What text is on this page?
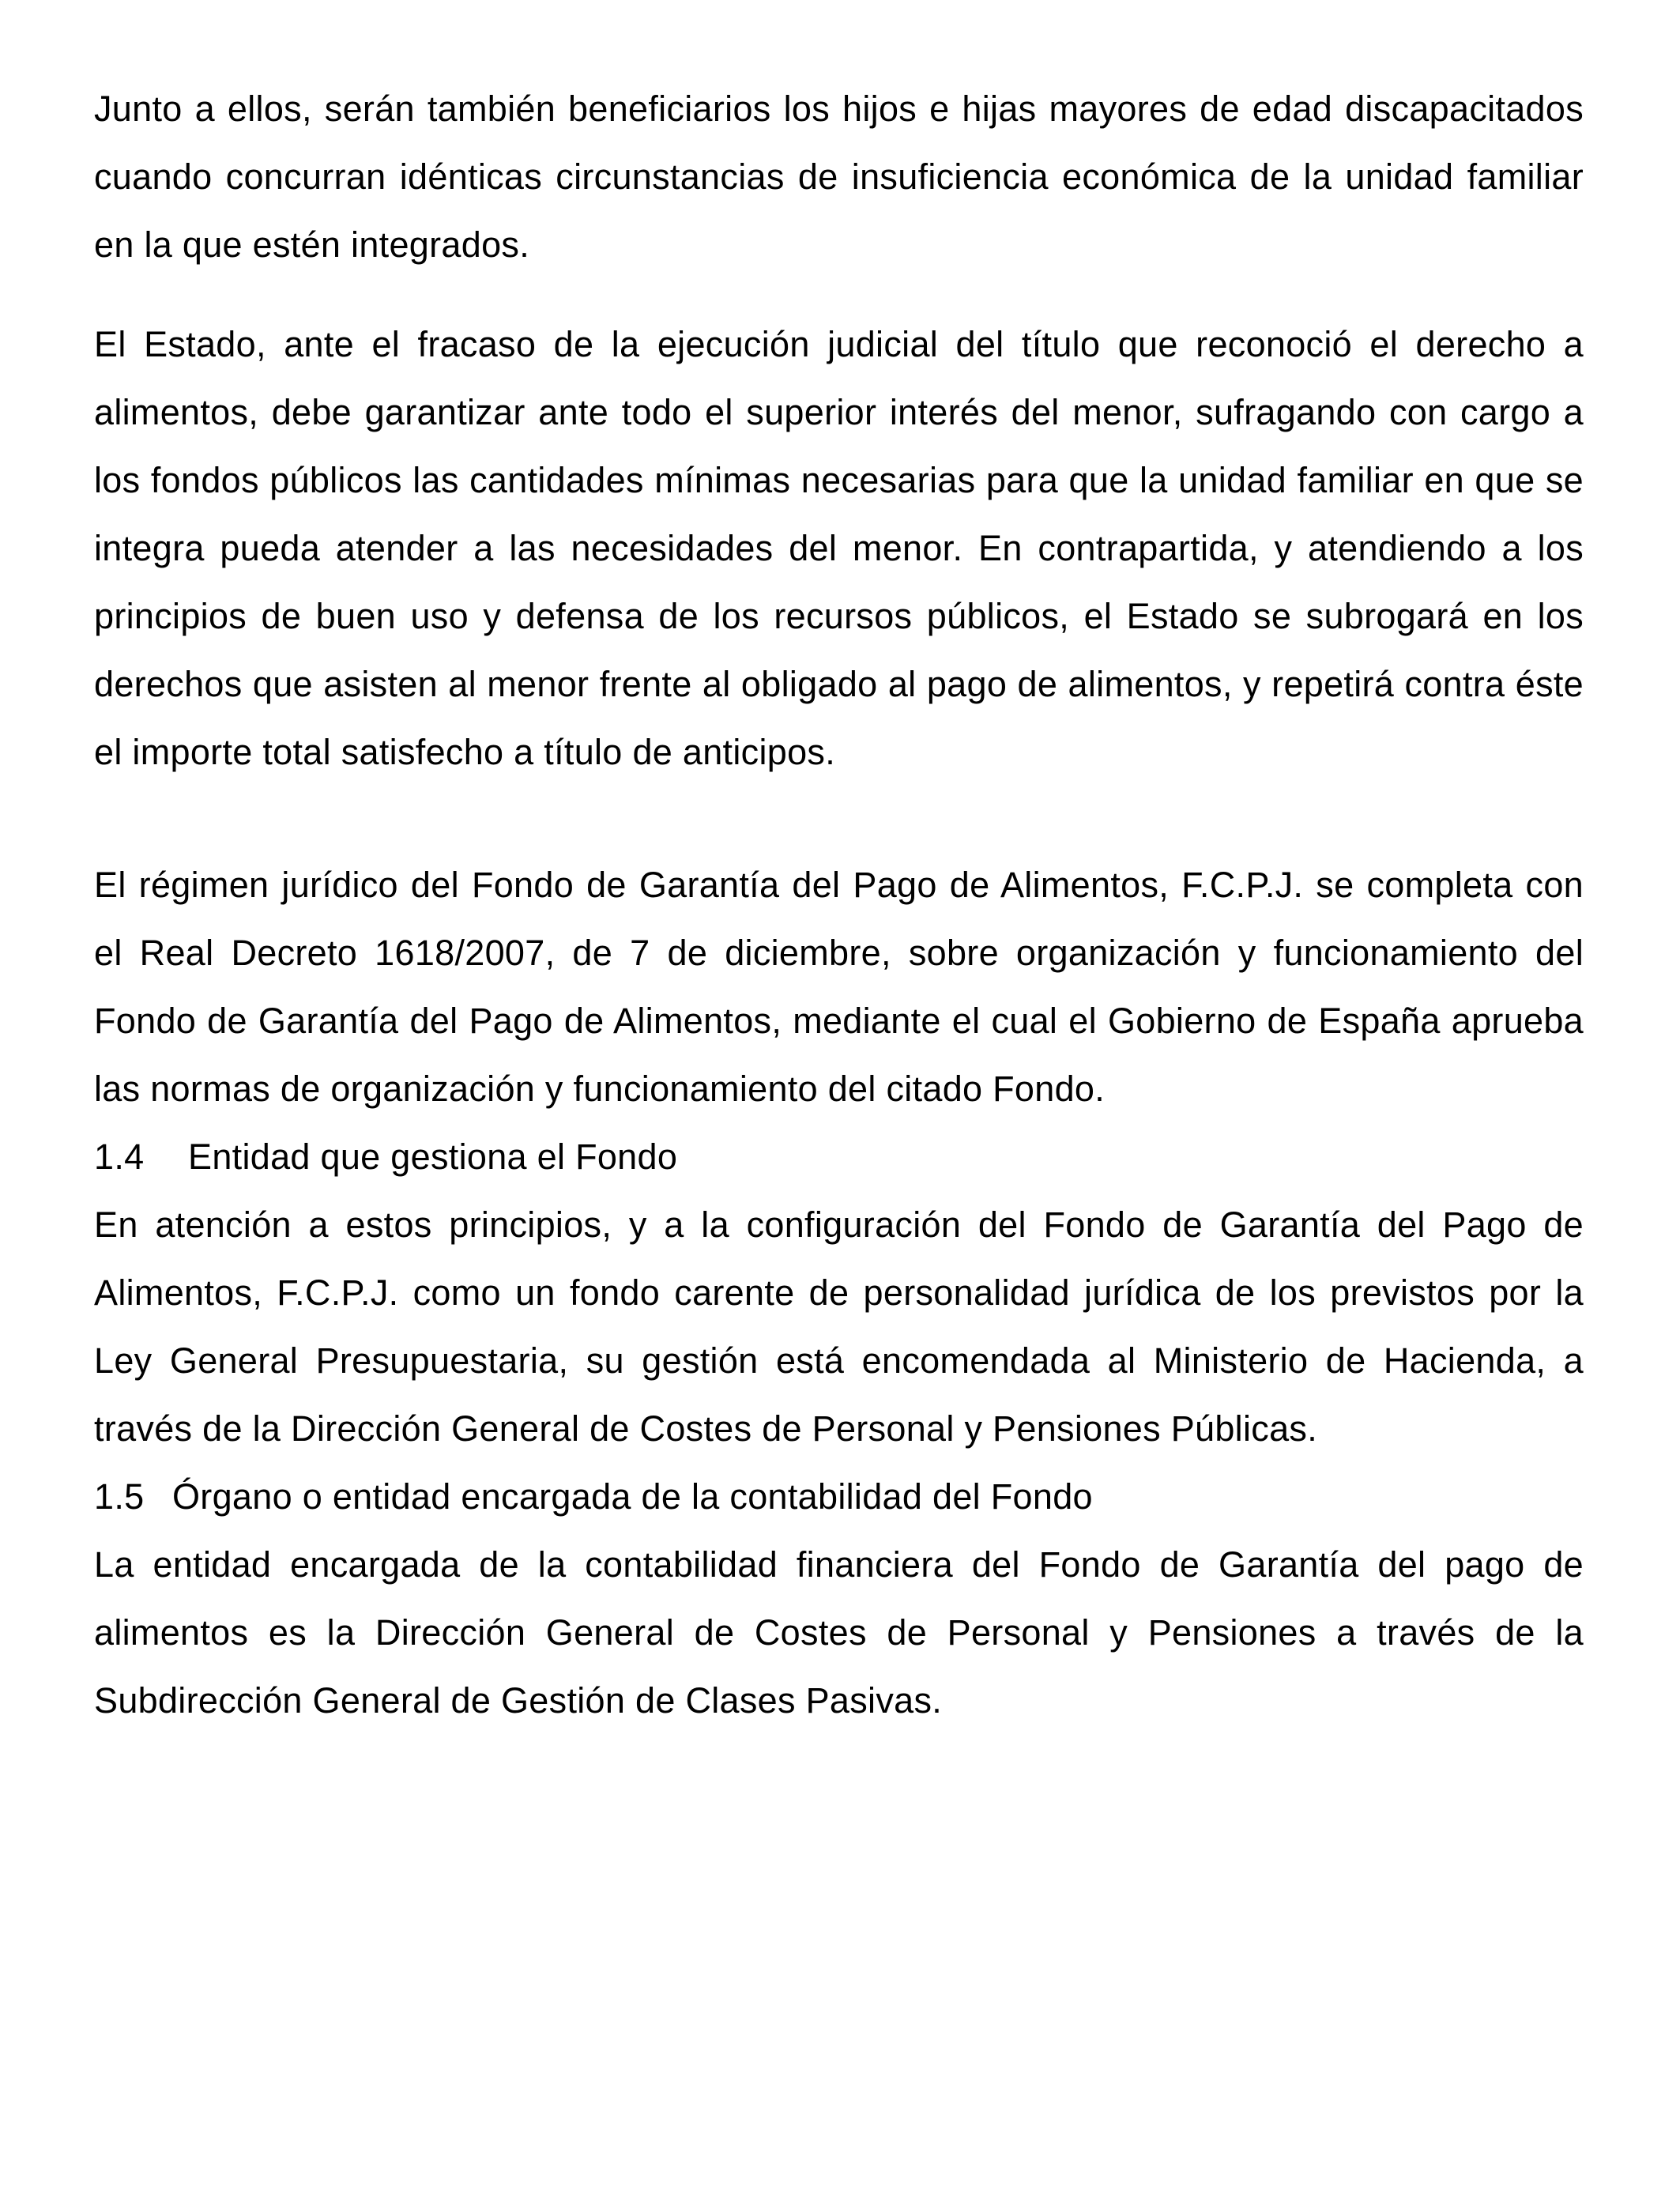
Junto a ellos, serán también beneficiarios los hijos e hijas mayores de edad discapacitados cuando concurran idénticas circunstancias de insuficiencia económica de la unidad familiar en la que estén integrados.

El Estado, ante el fracaso de la ejecución judicial del título que reconoció el derecho a alimentos, debe garantizar ante todo el superior interés del menor, sufragando con cargo a los fondos públicos las cantidades mínimas necesarias para que la unidad familiar en que se integra pueda atender a las necesidades del menor. En contrapartida, y atendiendo a los principios de buen uso y defensa de los recursos públicos, el Estado se subrogará en los derechos que asisten al menor frente al obligado al pago de alimentos, y repetirá contra éste el importe total satisfecho a título de anticipos.

El régimen jurídico del Fondo de Garantía del Pago de Alimentos, F.C.P.J. se completa con el Real Decreto 1618/2007, de 7 de diciembre, sobre organización y funcionamiento del Fondo de Garantía del Pago de Alimentos, mediante el cual el Gobierno de España aprueba las normas de organización y funcionamiento del citado Fondo.

1.4	Entidad que gestiona el Fondo

En atención a estos principios, y a la configuración del Fondo de Garantía del Pago de Alimentos, F.C.P.J. como un fondo carente de personalidad jurídica de los previstos por la Ley General Presupuestaria, su gestión está encomendada al Ministerio de Hacienda, a través de la Dirección General de Costes de Personal y Pensiones Públicas.

1.5 Órgano o entidad encargada de la contabilidad del Fondo

La entidad encargada de la contabilidad financiera del Fondo de Garantía del pago de alimentos es la Dirección General de Costes de Personal y Pensiones a través de la Subdirección General de Gestión de Clases Pasivas.
